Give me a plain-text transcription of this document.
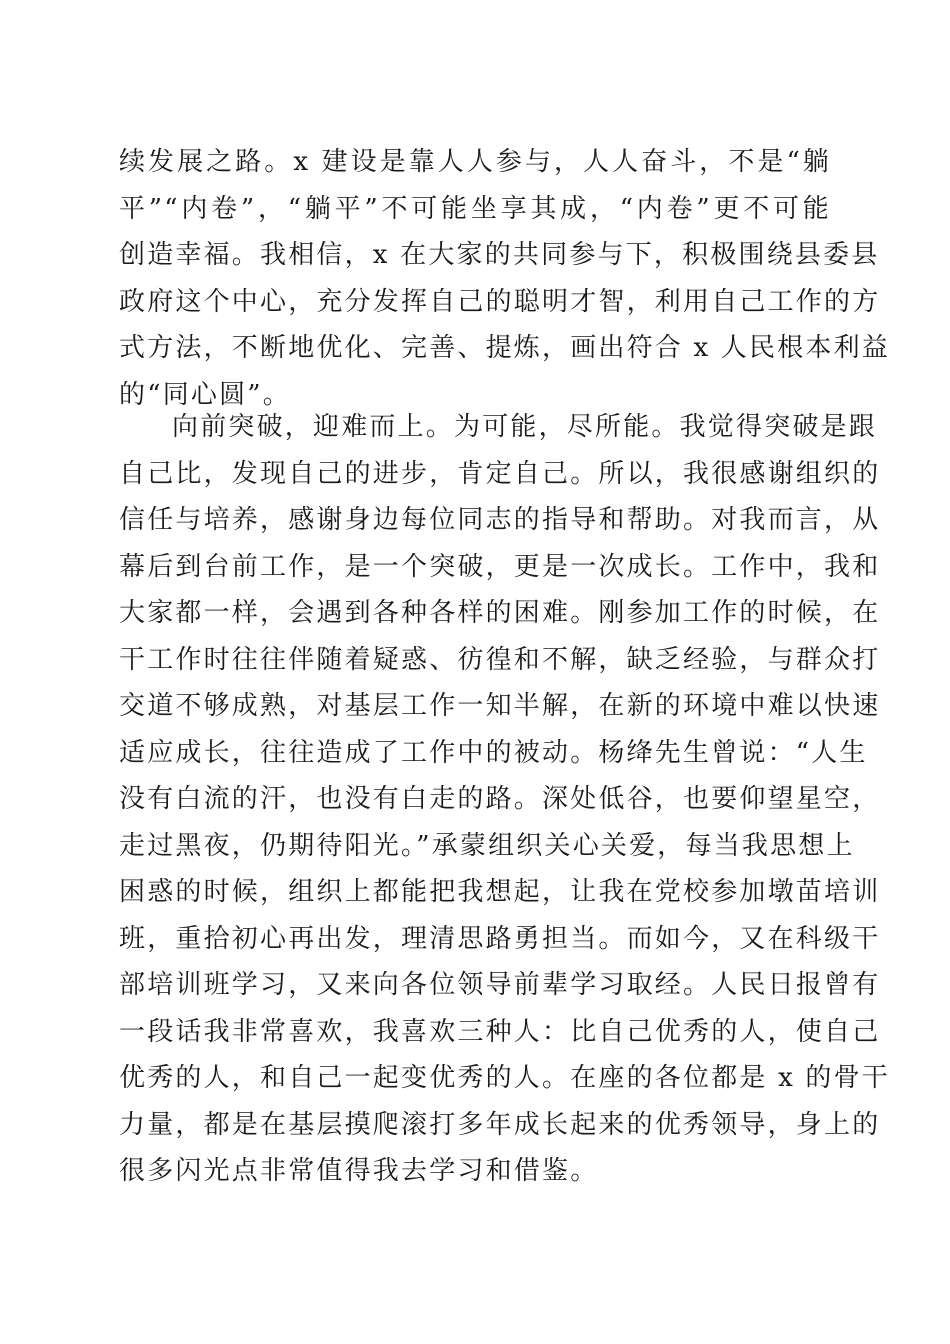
续发展之路。x 建设是靠人人参与，人人奋斗，不是“躺
平”“内卷”，“躺平”不可能坐享其成，“内卷”更不可能
创造幸福。我相信，x 在大家的共同参与下，积极围绕县委县
政府这个中心，充分发挥自己的聪明才智，利用自己工作的方
式方法，不断地优化、完善、提炼，画出符合 x 人民根本利益
的“同心圆”。
向前突破，迎难而上。为可能，尽所能。我觉得突破是跟
自己比，发现自己的进步，肯定自己。所以，我很感谢组织的
信任与培养，感谢身边每位同志的指导和帮助。对我而言，从
幕后到台前工作，是一个突破，更是一次成长。工作中，我和
大家都一样，会遇到各种各样的困难。刚参加工作的时候，在
干工作时往往伴随着疑惑、彷徨和不解，缺乏经验，与群众打
交道不够成熟，对基层工作一知半解，在新的环境中难以快速
适应成长，往往造成了工作中的被动。杨绛先生曾说：“人生
没有白流的汗，也没有白走的路。深处低谷，也要仰望星空，
走过黑夜，仍期待阳光。”承蒙组织关心关爱，每当我思想上
困惑的时候，组织上都能把我想起，让我在党校参加墩苗培训
班，重拾初心再出发，理清思路勇担当。而如今，又在科级干
部培训班学习，又来向各位领导前辈学习取经。人民日报曾有
一段话我非常喜欢，我喜欢三种人：比自己优秀的人，使自己
优秀的人，和自己一起变优秀的人。在座的各位都是 x 的骨干
力量，都是在基层摸爬滚打多年成长起来的优秀领导，身上的
很多闪光点非常值得我去学习和借鉴。
